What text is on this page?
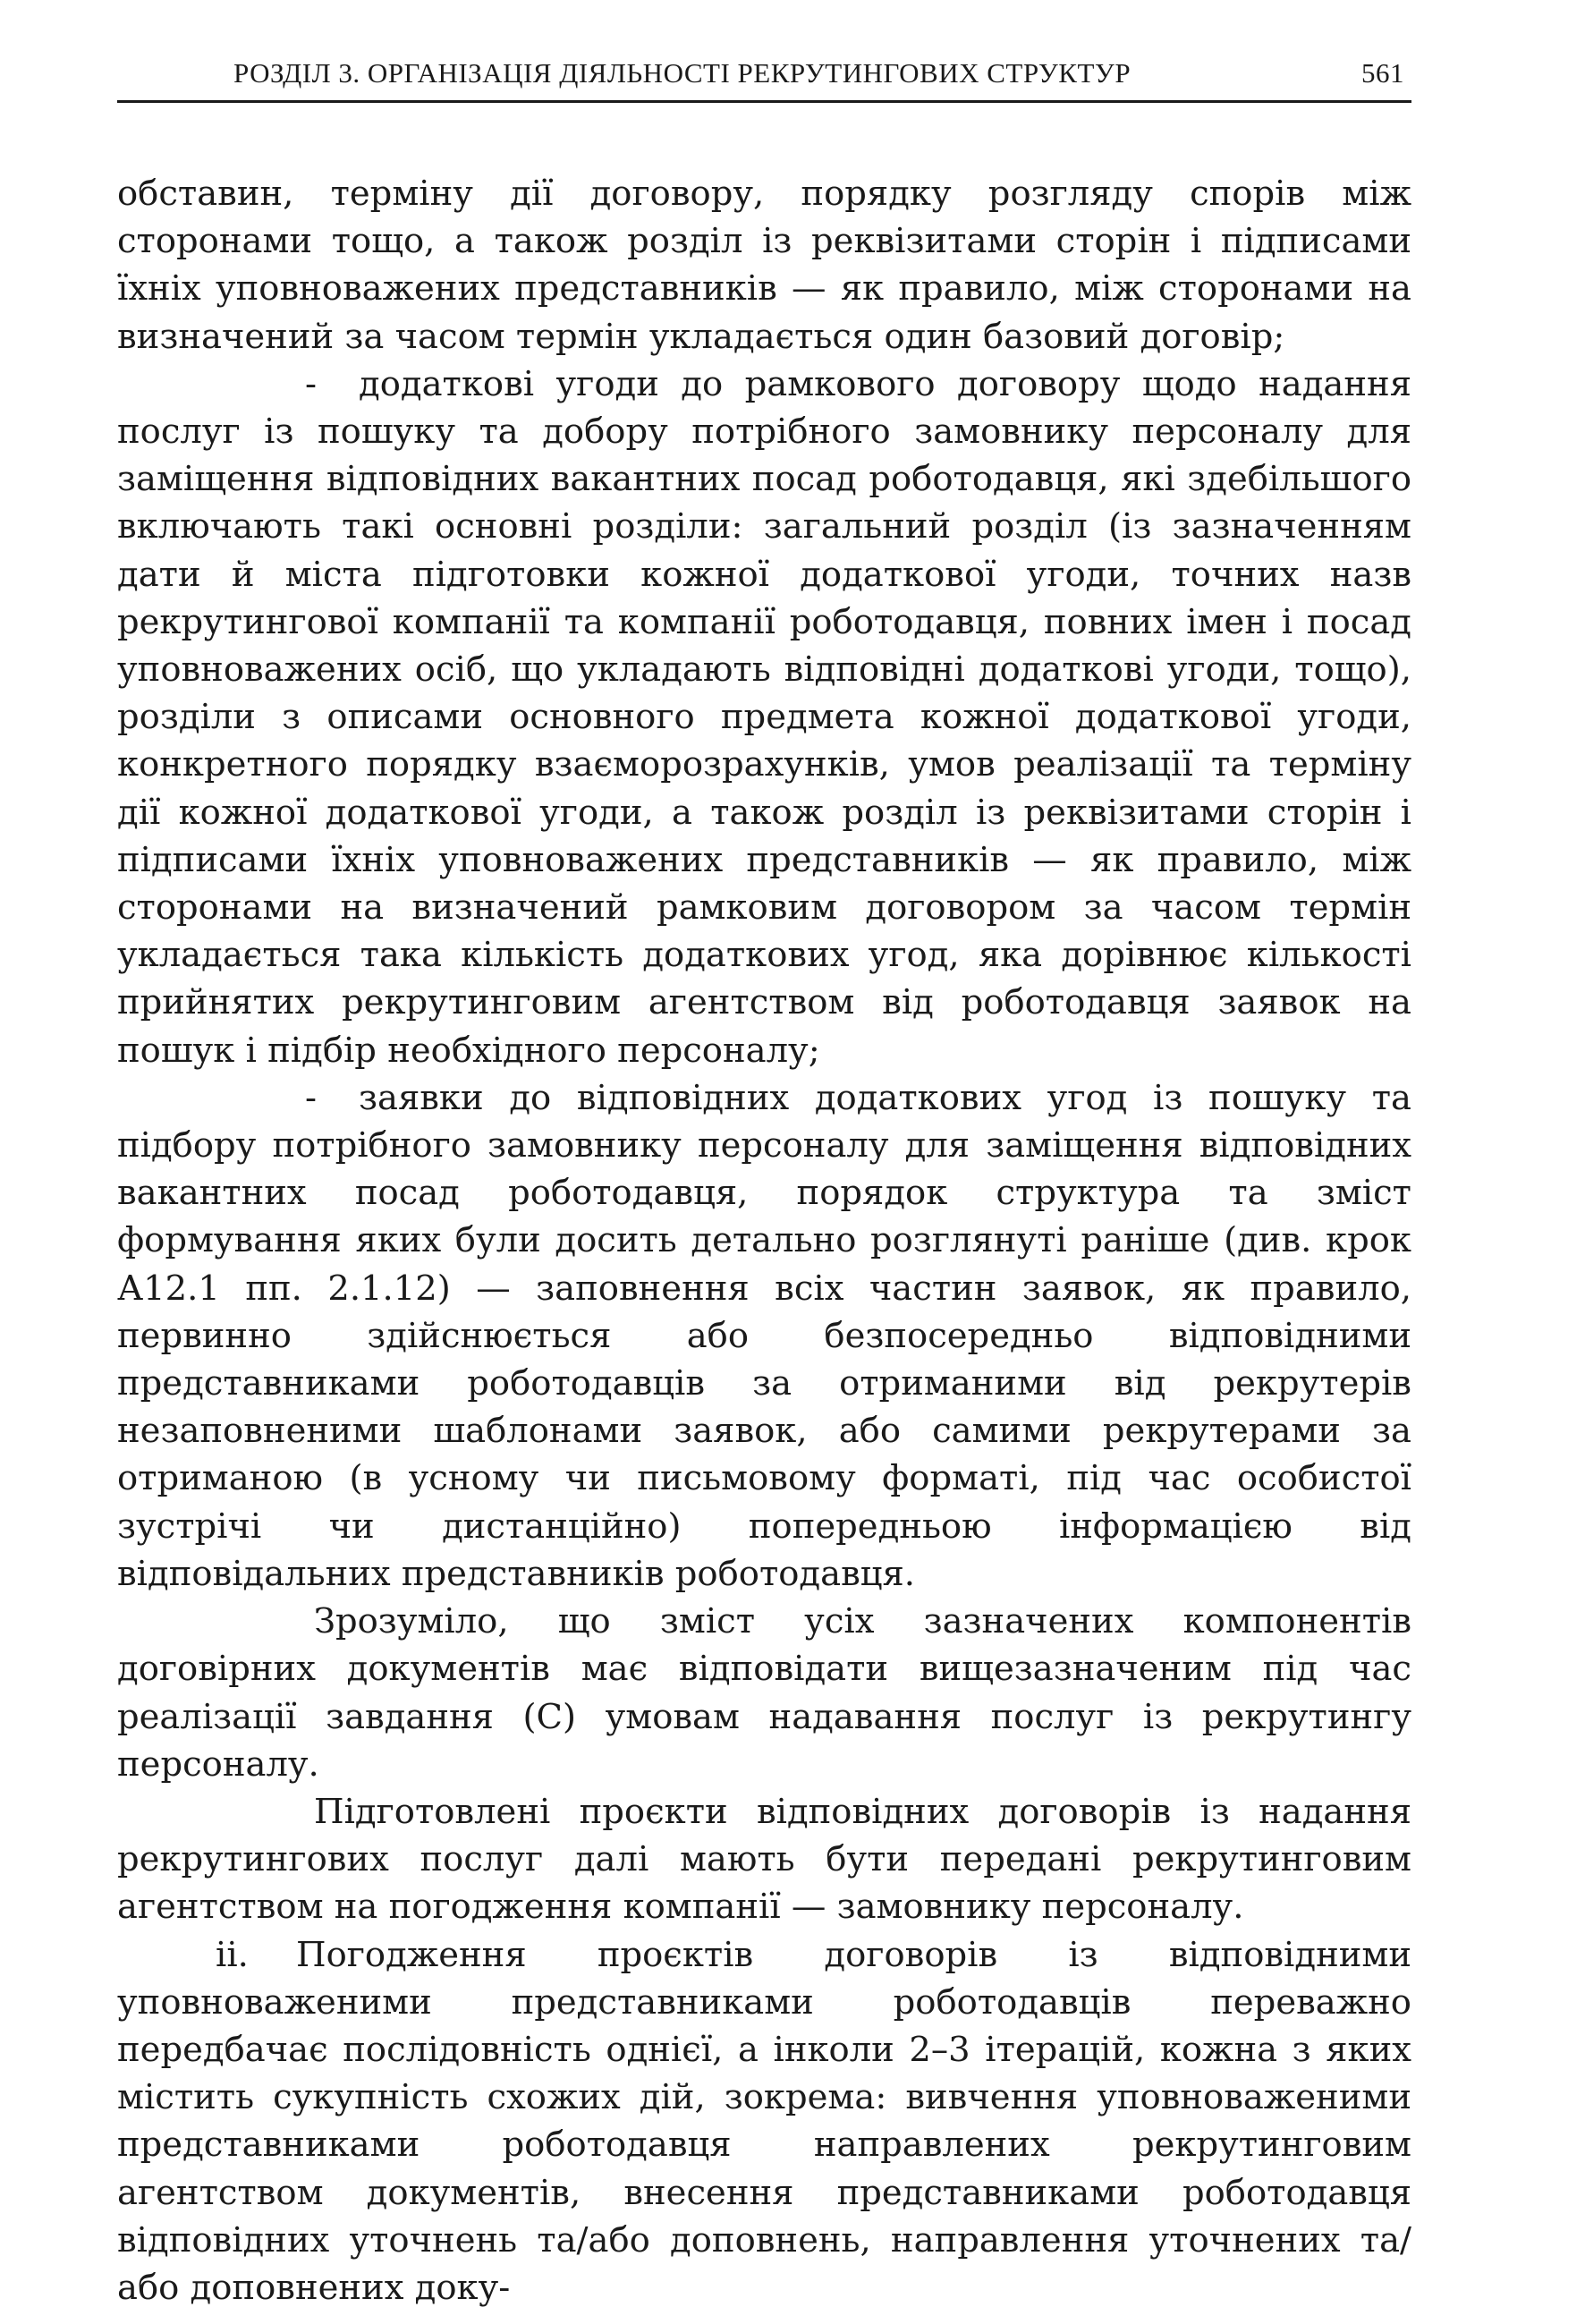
РОЗДІЛ 3. ОРГАНІЗАЦІЯ ДІЯЛЬНОСТІ РЕКРУТИНГОВИХ СТРУКТУР	561

обставин, терміну дії договору, порядку розгляду спорів між сторонами тощо, а також розділ із реквізитами сторін і підписами їхніх уповноважених представників — як правило, між сторонами на визначений за часом термін укладається один базовий договір;

- додаткові угоди до рамкового договору щодо надання послуг із пошуку та добору потрібного замовнику персоналу для заміщення відповідних вакантних посад роботодавця, які здебільшого включають такі основні розділи: загальний розділ (із зазначенням дати й міста підготовки кожної додаткової угоди, точних назв рекрутингової компанії та компанії роботодавця, повних імен і посад уповноважених осіб, що укладають відповідні додаткові угоди, тощо), розділи з описами основного предмета кожної додаткової угоди, конкретного порядку взаєморозрахунків, умов реалізації та терміну дії кожної додаткової угоди, а також розділ із реквізитами сторін і підписами їхніх уповноважених представників — як правило, між сторонами на визначений рамковим договором за часом термін укладається така кількість додаткових угод, яка дорівнює кількості прийнятих рекрутинговим агентством від роботодавця заявок на пошук і підбір необхідного персоналу;

- заявки до відповідних додаткових угод із пошуку та підбору потрібного замовнику персоналу для заміщення відповідних вакантних посад роботодавця, порядок структура та зміст формування яких були досить детально розглянуті раніше (див. крок А12.1 пп. 2.1.12) — заповнення всіх частин заявок, як правило, первинно здійснюється або безпосередньо відповідними представниками роботодавців за отриманими від рекрутерів незаповненими шаблонами заявок, або самими рекрутерами за отриманою (в усному чи письмовому форматі, під час особистої зустрічі чи дистанційно) попередньою інформацією від відповідальних представників роботодавця.

Зрозуміло, що зміст усіх зазначених компонентів договірних документів має відповідати вищезазначеним під час реалізації завдання (С) умовам надавання послуг із рекрутингу персоналу.

Підготовлені проєкти відповідних договорів із надання рекрутингових послуг далі мають бути передані рекрутинговим агентством на погодження компанії — замовнику персоналу.

ii. Погодження проєктів договорів із відповідними уповноваженими представниками роботодавців переважно передбачає послідовність однієї, а інколи 2–3 ітерацій, кожна з яких містить сукупність схожих дій, зокрема: вивчення уповноваженими представниками роботодавця направлених рекрутинговим агентством документів, внесення представниками роботодавця відповідних уточнень та/або доповнень, направлення уточнених та/або доповнених доку-
